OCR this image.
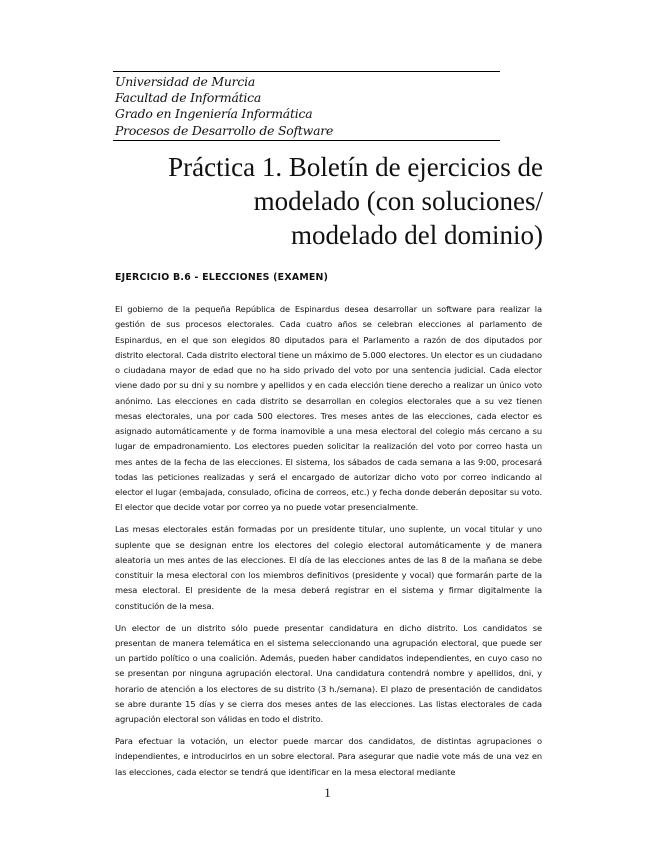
Universidad de Murcia
Facultad de Informática
Grado en Ingeniería Informática
Procesos de Desarrollo de Software
Práctica 1. Boletín de ejercicios de
modelado (con soluciones/
modelado del dominio)
EJERCICIO B.6 - ELECCIONES (EXAMEN)

El gobierno de la pequeña República de Espinardus desea desarrollar un software para realizar la gestión de sus procesos electorales. Cada cuatro años se celebran elecciones al parlamento de Espinardus, en el que son elegidos 80 diputados para el Parlamento a razón de dos diputados por distrito electoral. Cada distrito electoral tiene un máximo de 5.000 electores. Un elector es un ciudadano o ciudadana mayor de edad que no ha sido privado del voto por una sentencia judicial. Cada elector viene dado por su dni y su nombre y apellidos y en cada elección tiene derecho a realizar un único voto anónimo. Las elecciones en cada distrito se desarrollan en colegios electorales que a su vez tienen mesas electorales, una por cada 500 electores. Tres meses antes de las elecciones, cada elector es asignado automáticamente y de forma inamovible a una mesa electoral del colegio más cercano a su lugar de empadronamiento. Los electores pueden solicitar la realización del voto por correo hasta un mes antes de la fecha de las elecciones. El sistema, los sábados de cada semana a las 9:00, procesará todas las peticiones realizadas y será el encargado de autorizar dicho voto por correo indicando al elector el lugar (embajada, consulado, oficina de correos, etc.) y fecha donde deberán depositar su voto. El elector que decide votar por correo ya no puede votar presencialmente.

Las mesas electorales están formadas por un presidente titular, uno suplente, un vocal titular y uno suplente que se designan entre los electores del colegio electoral automáticamente y de manera aleatoria un mes antes de las elecciones. El día de las elecciones antes de las 8 de la mañana se debe constituir la mesa electoral con los miembros definitivos (presidente y vocal) que formarán parte de la mesa electoral. El presidente de la mesa deberá registrar en el sistema y firmar digitalmente la constitución de la mesa.

Un elector de un distrito sólo puede presentar candidatura en dicho distrito. Los candidatos se presentan de manera telemática en el sistema seleccionando una agrupación electoral, que puede ser un partido político o una coalición. Además, pueden haber candidatos independientes, en cuyo caso no se presentan por ninguna agrupación electoral. Una candidatura contendrá nombre y apellidos, dni, y horario de atención a los electores de su distrito (3 h./semana). El plazo de presentación de candidatos se abre durante 15 días y se cierra dos meses antes de las elecciones. Las listas electorales de cada agrupación electoral son válidas en todo el distrito.

Para efectuar la votación, un elector puede marcar dos candidatos, de distintas agrupaciones o independientes, e introducirlos en un sobre electoral. Para asegurar que nadie vote más de una vez en las elecciones, cada elector se tendrá que identificar en la mesa electoral mediante

1
